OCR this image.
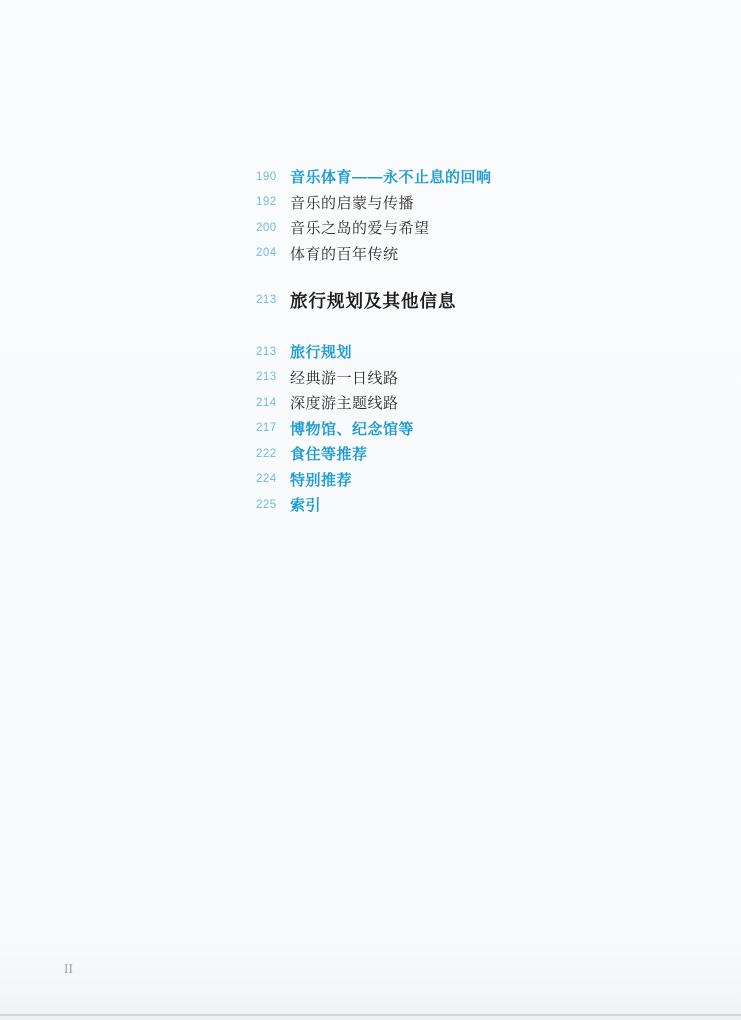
190 音乐体育——永不止息的回响
192 音乐的启蒙与传播
200 音乐之岛的爱与希望
204 体育的百年传统
213 旅行规划及其他信息
213 旅行规划
213 经典游一日线路
214 深度游主题线路
217 博物馆、纪念馆等
222 食住等推荐
224 特别推荐
225 索引
II
